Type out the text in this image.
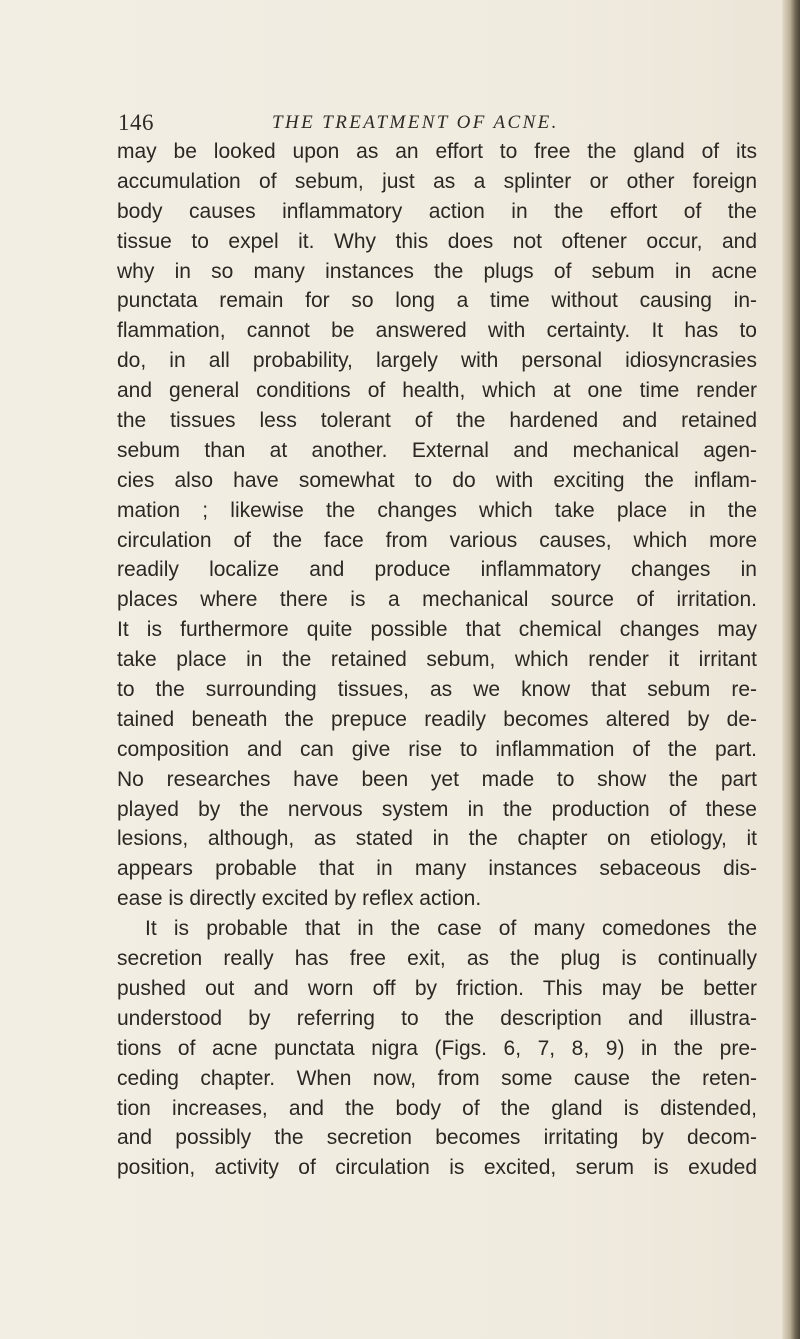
146	THE TREATMENT OF ACNE.
may be looked upon as an effort to free the gland of its
accumulation of sebum, just as a splinter or other foreign
body causes inflammatory action in the effort of the
tissue to expel it. Why this does not oftener occur, and
why in so many instances the plugs of sebum in acne
punctata remain for so long a time without causing in-
flammation, cannot be answered with certainty. It has to
do, in all probability, largely with personal idiosyncrasies
and general conditions of health, which at one time render
the tissues less tolerant of the hardened and retained
sebum than at another. External and mechanical agen-
cies also have somewhat to do with exciting the inflam-
mation ; likewise the changes which take place in the
circulation of the face from various causes, which more
readily localize and produce inflammatory changes in
places where there is a mechanical source of irritation.
It is furthermore quite possible that chemical changes may
take place in the retained sebum, which render it irritant
to the surrounding tissues, as we know that sebum re-
tained beneath the prepuce readily becomes altered by de-
composition and can give rise to inflammation of the part.
No researches have been yet made to show the part
played by the nervous system in the production of these
lesions, although, as stated in the chapter on etiology, it
appears probable that in many instances sebaceous dis-
ease is directly excited by reflex action.
It is probable that in the case of many comedones the
secretion really has free exit, as the plug is continually
pushed out and worn off by friction. This may be better
understood by referring to the description and illustra-
tions of acne punctata nigra (Figs. 6, 7, 8, 9) in the pre-
ceding chapter. When now, from some cause the reten-
tion increases, and the body of the gland is distended,
and possibly the secretion becomes irritating by decom-
position, activity of circulation is excited, serum is exuded
